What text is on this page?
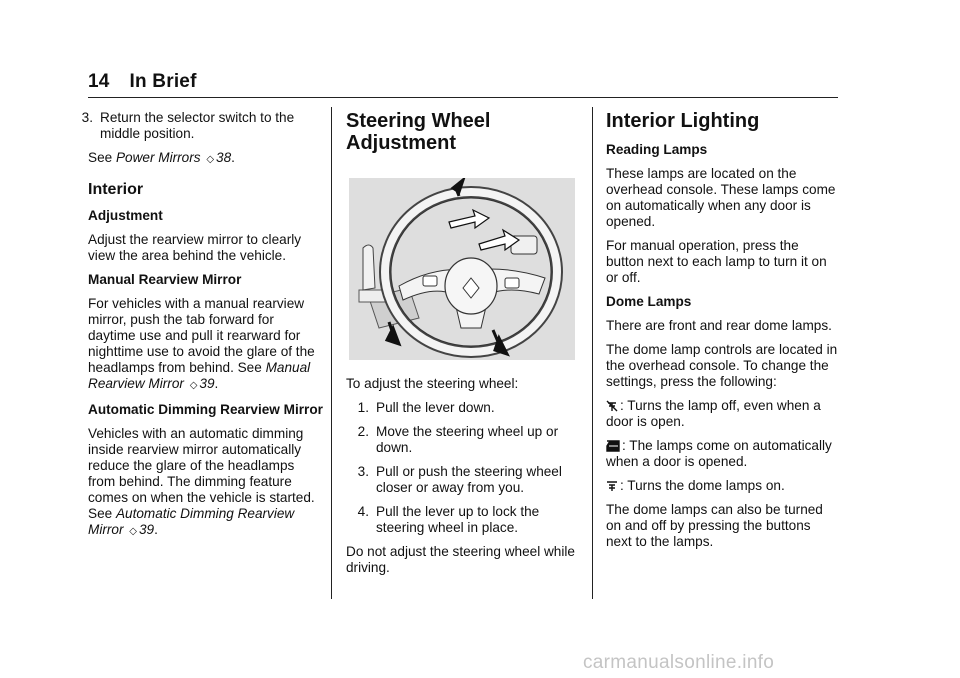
14 In Brief
3. Return the selector switch to the middle position.

See Power Mirrors ◇ 38.

Interior
Adjustment

Adjust the rearview mirror to clearly view the area behind the vehicle.

Manual Rearview Mirror

For vehicles with a manual rearview mirror, push the tab forward for daytime use and pull it rearward for nighttime use to avoid the glare of the headlamps from behind. See Manual Rearview Mirror ◇ 39.

Automatic Dimming Rearview Mirror

Vehicles with an automatic dimming inside rearview mirror automatically reduce the glare of the headlamps from behind. The dimming feature comes on when the vehicle is started. See Automatic Dimming Rearview Mirror ◇ 39.

Steering Wheel
Adjustment

To adjust the steering wheel:

1. Pull the lever down.
2. Move the steering wheel up or down.
3. Pull or push the steering wheel closer or away from you.
4. Pull the lever up to lock the steering wheel in place.

Do not adjust the steering wheel while driving.

Interior Lighting
Reading Lamps

These lamps are located on the overhead console. These lamps come on automatically when any door is opened.

For manual operation, press the button next to each lamp to turn it on or off.

Dome Lamps

There are front and rear dome lamps.

The dome lamp controls are located in the overhead console. To change the settings, press the following:

: Turns the lamp off, even when a door is open.

: The lamps come on automatically when a door is opened.

: Turns the dome lamps on.

The dome lamps can also be turned on and off by pressing the buttons next to the lamps.

carmanualsonline.info
